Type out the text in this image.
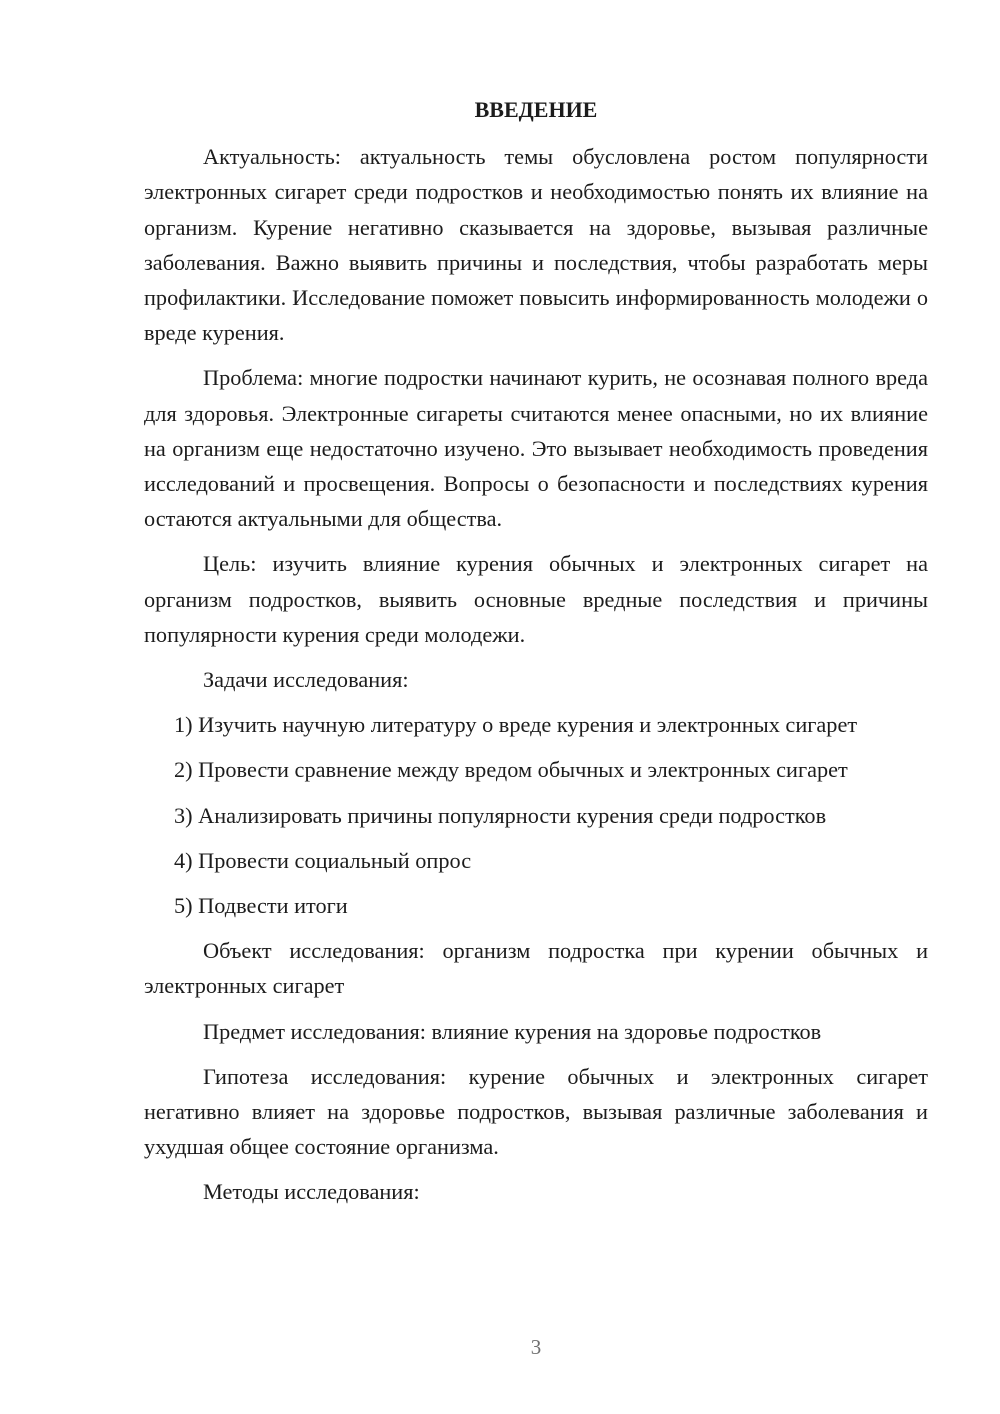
ВВЕДЕНИЕ

Актуальность: актуальность темы обусловлена ростом популярности электронных сигарет среди подростков и необходимостью понять их влияние на организм. Курение негативно сказывается на здоровье, вызывая различные заболевания. Важно выявить причины и последствия, чтобы разработать меры профилактики. Исследование поможет повысить информированность молодежи о вреде курения.

Проблема: многие подростки начинают курить, не осознавая полного вреда для здоровья. Электронные сигареты считаются менее опасными, но их влияние на организм еще недостаточно изучено. Это вызывает необходимость проведения исследований и просвещения. Вопросы о безопасности и последствиях курения остаются актуальными для общества.

Цель: изучить влияние курения обычных и электронных сигарет на организм подростков, выявить основные вредные последствия и причины популярности курения среди молодежи.

Задачи исследования:

1) Изучить научную литературу о вреде курения и электронных сигарет

2) Провести сравнение между вредом обычных и электронных сигарет

3) Анализировать причины популярности курения среди подростков

4) Провести социальный опрос

5) Подвести итоги

Объект исследования: организм подростка при курении обычных и электронных сигарет

Предмет исследования: влияние курения на здоровье подростков

Гипотеза исследования: курение обычных и электронных сигарет негативно влияет на здоровье подростков, вызывая различные заболевания и ухудшая общее состояние организма.

Методы исследования:

3
